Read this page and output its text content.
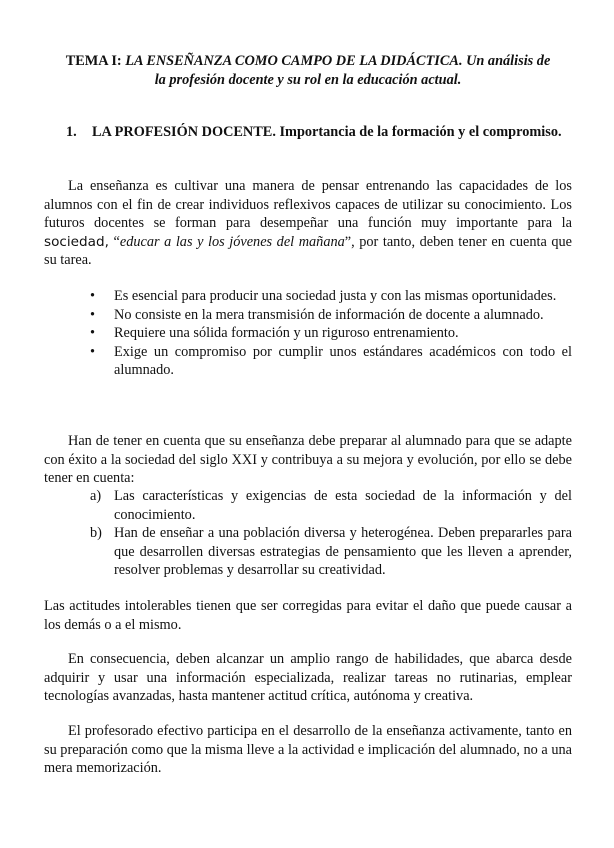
TEMA I: LA ENSEÑANZA COMO CAMPO DE LA DIDÁCTICA. Un análisis de
la profesión docente y su rol en la educación actual.
1. LA PROFESIÓN DOCENTE. Importancia de la formación y el compromiso.
La enseñanza es cultivar una manera de pensar entrenando las capacidades de los alumnos con el fin de crear individuos reflexivos capaces de utilizar su conocimiento. Los futuros docentes se forman para desempeñar una función muy importante para la sociedad, “educar a las y los jóvenes del mañana”, por tanto, deben tener en cuenta que su tarea.
• Es esencial para producir una sociedad justa y con las mismas oportunidades.
• No consiste en la mera transmisión de información de docente a alumnado.
• Requiere una sólida formación y un riguroso entrenamiento.
• Exige un compromiso por cumplir unos estándares académicos con todo el alumnado.
Han de tener en cuenta que su enseñanza debe preparar al alumnado para que se adapte con éxito a la sociedad del siglo XXI y contribuya a su mejora y evolución, por ello se debe tener en cuenta:
a) Las características y exigencias de esta sociedad de la información y del conocimiento.
b) Han de enseñar a una población diversa y heterogénea. Deben prepararles para que desarrollen diversas estrategias de pensamiento que les lleven a aprender, resolver problemas y desarrollar su creatividad.
Las actitudes intolerables tienen que ser corregidas para evitar el daño que puede causar a los demás o a el mismo.
En consecuencia, deben alcanzar un amplio rango de habilidades, que abarca desde adquirir y usar una información especializada, realizar tareas no rutinarias, emplear tecnologías avanzadas, hasta mantener actitud crítica, autónoma y creativa.
El profesorado efectivo participa en el desarrollo de la enseñanza activamente, tanto en su preparación como que la misma lleve a la actividad e implicación del alumnado, no a una mera memorización.
